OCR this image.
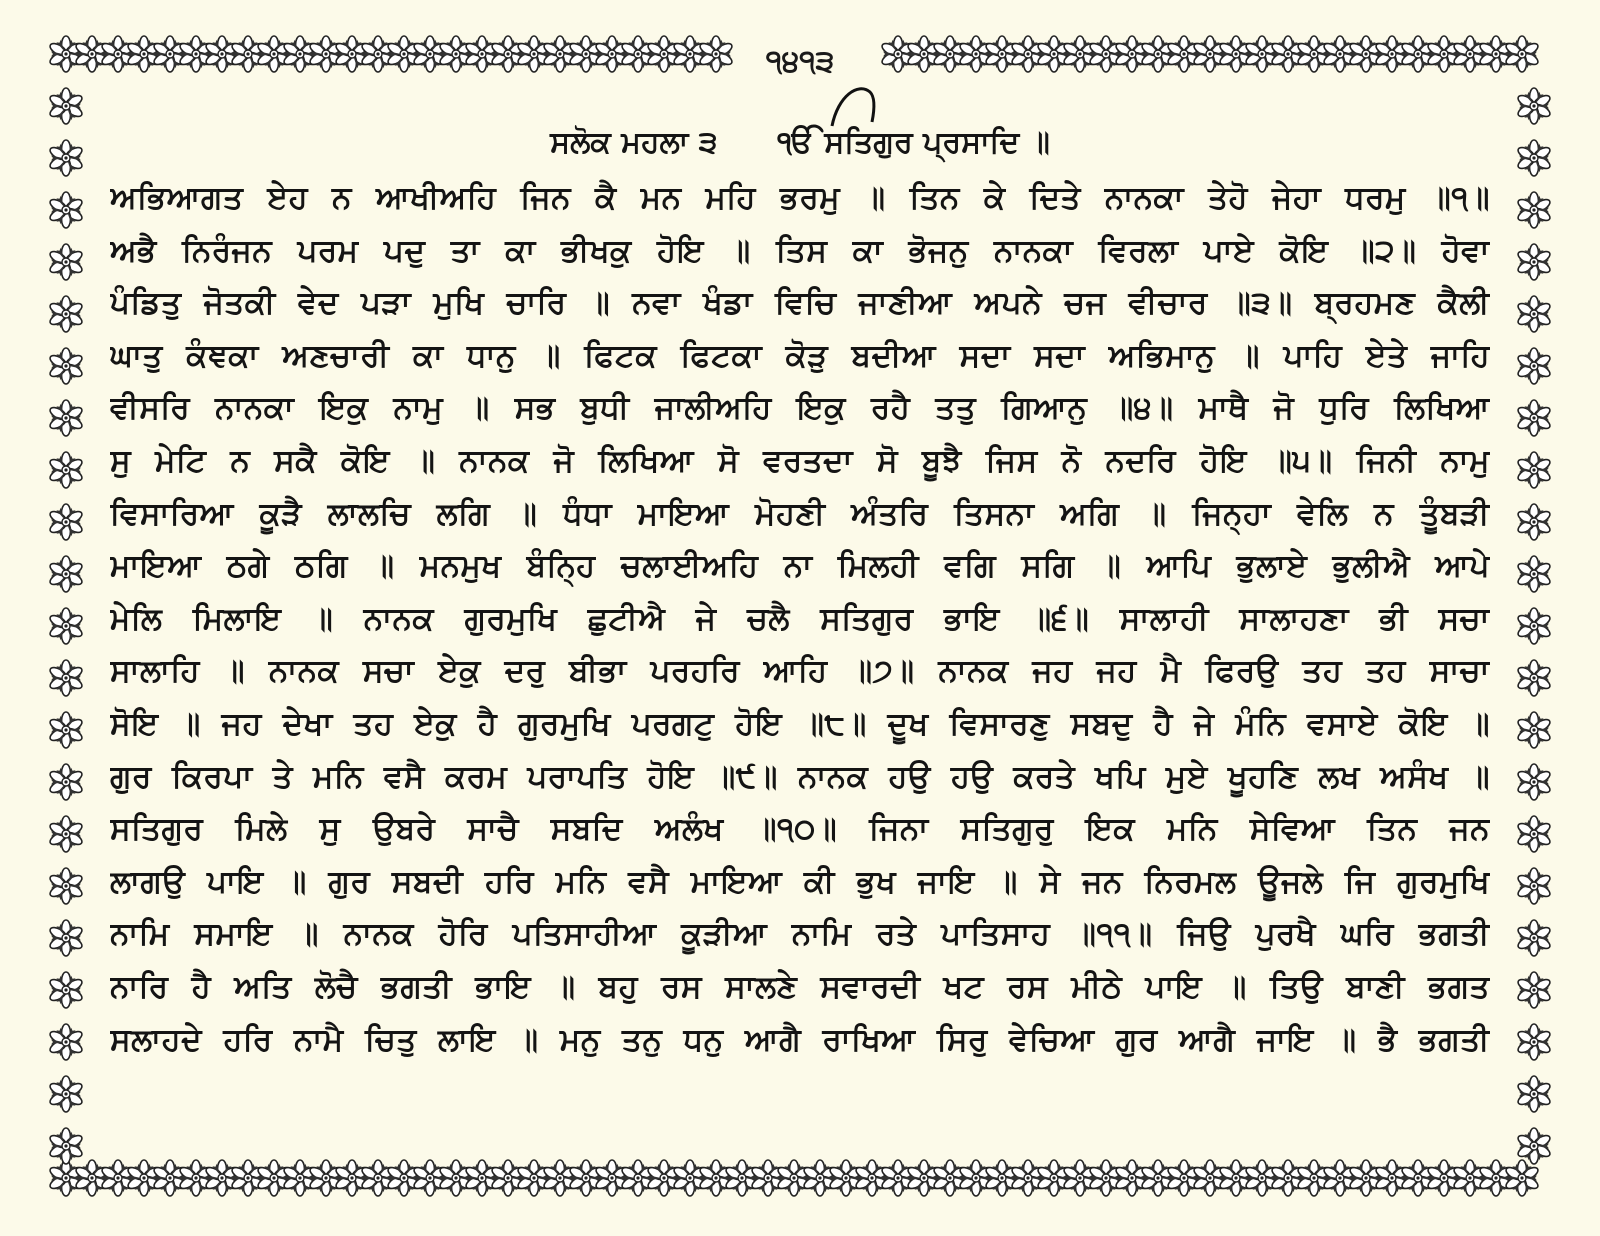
੧੪੧੩
ਸਲੋਕ ਮਹਲਾ ੩ ੴ ਸਤਿਗੁਰ ਪ੍ਰਸਾਦਿ ॥
ਅਭਿਆਗਤ ਏਹ ਨ ਆਖੀਅਹਿ ਜਿਨ ਕੈ ਮਨ ਮਹਿ ਭਰਮੁ ॥ ਤਿਨ ਕੇ ਦਿਤੇ ਨਾਨਕਾ ਤੇਹੋ ਜੇਹਾ ਧਰਮੁ ॥੧॥
ਅਭੈ ਨਿਰੰਜਨ ਪਰਮ ਪਦੁ ਤਾ ਕਾ ਭੀਖਕੁ ਹੋਇ ॥ ਤਿਸ ਕਾ ਭੋਜਨੁ ਨਾਨਕਾ ਵਿਰਲਾ ਪਾਏ ਕੋਇ ॥੨॥ ਹੋਵਾ
ਪੰਡਿਤੁ ਜੋਤਕੀ ਵੇਦ ਪੜਾ ਮੁਖਿ ਚਾਰਿ ॥ ਨਵਾ ਖੰਡਾ ਵਿਚਿ ਜਾਣੀਆ ਅਪਨੇ ਚਜ ਵੀਚਾਰ ॥੩॥ ਬ੍ਰਹਮਣ ਕੈਲੀ
ਘਾਤੁ ਕੰਞਕਾ ਅਣਚਾਰੀ ਕਾ ਧਾਨੁ ॥ ਫਿਟਕ ਫਿਟਕਾ ਕੋੜੁ ਬਦੀਆ ਸਦਾ ਸਦਾ ਅਭਿਮਾਨੁ ॥ ਪਾਹਿ ਏਤੇ ਜਾਹਿ
ਵੀਸਰਿ ਨਾਨਕਾ ਇਕੁ ਨਾਮੁ ॥ ਸਭ ਬੁਧੀ ਜਾਲੀਅਹਿ ਇਕੁ ਰਹੈ ਤਤੁ ਗਿਆਨੁ ॥੪॥ ਮਾਥੈ ਜੋ ਧੁਰਿ ਲਿਖਿਆ
ਸੁ ਮੇਟਿ ਨ ਸਕੈ ਕੋਇ ॥ ਨਾਨਕ ਜੋ ਲਿਖਿਆ ਸੋ ਵਰਤਦਾ ਸੋ ਬੂਝੈ ਜਿਸ ਨੋ ਨਦਰਿ ਹੋਇ ॥੫॥ ਜਿਨੀ ਨਾਮੁ
ਵਿਸਾਰਿਆ ਕੂੜੈ ਲਾਲਚਿ ਲਗਿ ॥ ਧੰਧਾ ਮਾਇਆ ਮੋਹਣੀ ਅੰਤਰਿ ਤਿਸਨਾ ਅਗਿ ॥ ਜਿਨ੍ਹਾ ਵੇਲਿ ਨ ਤੂੰਬੜੀ
ਮਾਇਆ ਠਗੇ ਠਗਿ ॥ ਮਨਮੁਖ ਬੰਨ੍ਹਿ ਚਲਾਈਅਹਿ ਨਾ ਮਿਲਹੀ ਵਗਿ ਸਗਿ ॥ ਆਪਿ ਭੁਲਾਏ ਭੁਲੀਐ ਆਪੇ
ਮੇਲਿ ਮਿਲਾਇ ॥ ਨਾਨਕ ਗੁਰਮੁਖਿ ਛੁਟੀਐ ਜੇ ਚਲੈ ਸਤਿਗੁਰ ਭਾਇ ॥੬॥ ਸਾਲਾਹੀ ਸਾਲਾਹਣਾ ਭੀ ਸਚਾ
ਸਾਲਾਹਿ ॥ ਨਾਨਕ ਸਚਾ ਏਕੁ ਦਰੁ ਬੀਭਾ ਪਰਹਰਿ ਆਹਿ ॥੭॥ ਨਾਨਕ ਜਹ ਜਹ ਮੈ ਫਿਰਉ ਤਹ ਤਹ ਸਾਚਾ
ਸੋਇ ॥ ਜਹ ਦੇਖਾ ਤਹ ਏਕੁ ਹੈ ਗੁਰਮੁਖਿ ਪਰਗਟੁ ਹੋਇ ॥੮॥ ਦੂਖ ਵਿਸਾਰਣੁ ਸਬਦੁ ਹੈ ਜੇ ਮੰਨਿ ਵਸਾਏ ਕੋਇ ॥
ਗੁਰ ਕਿਰਪਾ ਤੇ ਮਨਿ ਵਸੈ ਕਰਮ ਪਰਾਪਤਿ ਹੋਇ ॥੯॥ ਨਾਨਕ ਹਉ ਹਉ ਕਰਤੇ ਖਪਿ ਮੁਏ ਖੂਹਣਿ ਲਖ ਅਸੰਖ ॥
ਸਤਿਗੁਰ ਮਿਲੇ ਸੁ ਉਬਰੇ ਸਾਚੈ ਸਬਦਿ ਅਲੰਖ ॥੧੦॥ ਜਿਨਾ ਸਤਿਗੁਰੁ ਇਕ ਮਨਿ ਸੇਵਿਆ ਤਿਨ ਜਨ
ਲਾਗਉ ਪਾਇ ॥ ਗੁਰ ਸਬਦੀ ਹਰਿ ਮਨਿ ਵਸੈ ਮਾਇਆ ਕੀ ਭੁਖ ਜਾਇ ॥ ਸੇ ਜਨ ਨਿਰਮਲ ਊਜਲੇ ਜਿ ਗੁਰਮੁਖਿ
ਨਾਮਿ ਸਮਾਇ ॥ ਨਾਨਕ ਹੋਰਿ ਪਤਿਸਾਹੀਆ ਕੂੜੀਆ ਨਾਮਿ ਰਤੇ ਪਾਤਿਸਾਹ ॥੧੧॥ ਜਿਉ ਪੁਰਖੈ ਘਰਿ ਭਗਤੀ
ਨਾਰਿ ਹੈ ਅਤਿ ਲੋਚੈ ਭਗਤੀ ਭਾਇ ॥ ਬਹੁ ਰਸ ਸਾਲਣੇ ਸਵਾਰਦੀ ਖਟ ਰਸ ਮੀਠੇ ਪਾਇ ॥ ਤਿਉ ਬਾਣੀ ਭਗਤ
ਸਲਾਹਦੇ ਹਰਿ ਨਾਮੈ ਚਿਤੁ ਲਾਇ ॥ ਮਨੁ ਤਨੁ ਧਨੁ ਆਗੈ ਰਾਖਿਆ ਸਿਰੁ ਵੇਚਿਆ ਗੁਰ ਆਗੈ ਜਾਇ ॥ ਭੈ ਭਗਤੀ
